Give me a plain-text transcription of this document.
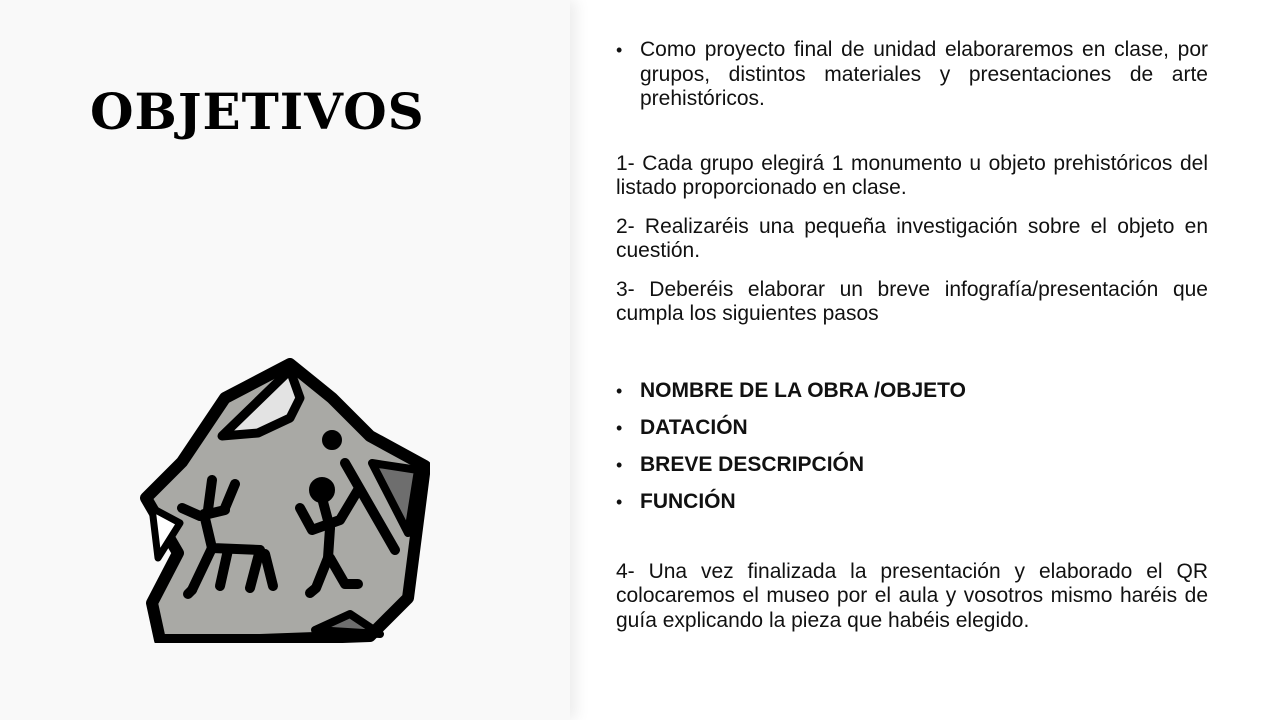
OBJETIVOS

• Como proyecto final de unidad elaboraremos en clase, por grupos, distintos materiales y presentaciones de arte prehistóricos.

1- Cada grupo elegirá 1 monumento u objeto prehistóricos del listado proporcionado en clase.

2- Realizaréis una pequeña investigación sobre el objeto en cuestión.

3- Deberéis elaborar un breve infografía/presentación que cumpla los siguientes pasos

• NOMBRE DE LA OBRA /OBJETO
• DATACIÓN
• BREVE DESCRIPCIÓN
• FUNCIÓN

4- Una vez finalizada la presentación y elaborado el QR colocaremos el museo por el aula y vosotros mismo haréis de guía explicando la pieza que habéis elegido.
